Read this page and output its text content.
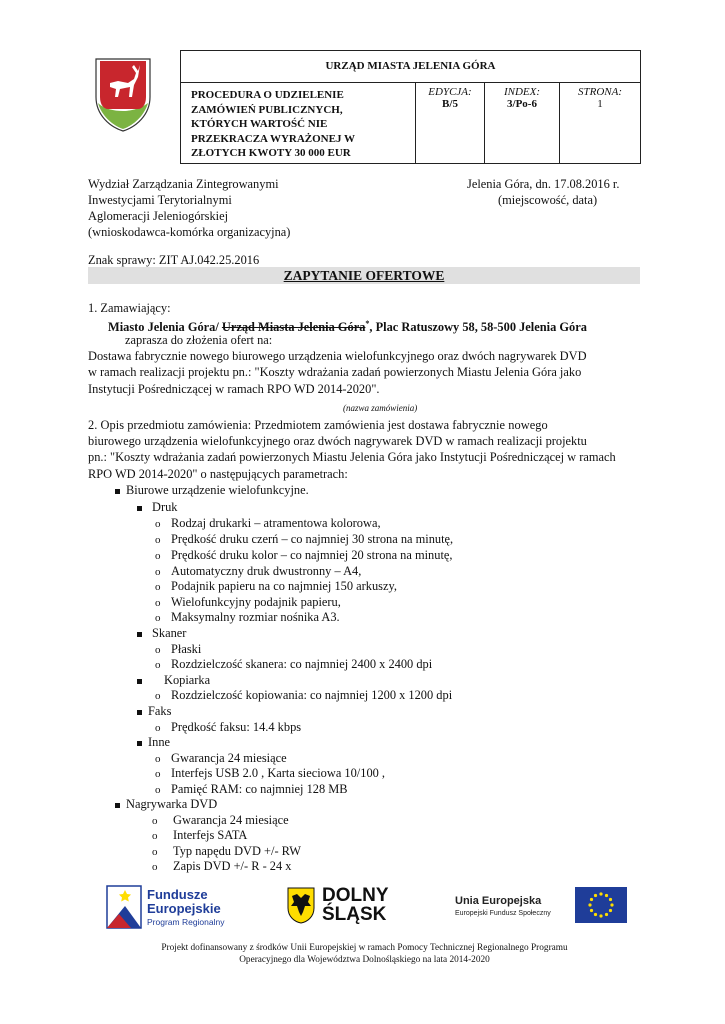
URZĄD MIASTA JELENIA GÓRA

PROCEDURA O UDZIELENIE
ZAMÓWIEŃ PUBLICZNYCH,
KTÓRYCH WARTOŚĆ NIE
PRZEKRACZA WYRAŻONEJ W
ZŁOTYCH KWOTY 30 000 EUR

EDYCJA:
B/5

INDEX:
3/Po-6

STRONA:
1
Wydział Zarządzania Zintegrowanymi
Inwestycjami Terytorialnymi
Aglomeracji Jeleniogórskiej
(wnioskodawca-komórka organizacyjna)
Jelenia Góra, dn. 17.08.2016 r.
(miejscowość, data)
Znak sprawy: ZIT AJ.042.25.2016
ZAPYTANIE OFERTOWE
1. Zamawiający:
Miasto Jelenia Góra/ Urząd Miasta Jelenia Góra*, Plac Ratuszowy 58, 58-500 Jelenia Góra
zaprasza do złożenia ofert na:
Dostawa fabrycznie nowego biurowego urządzenia wielofunkcyjnego oraz dwóch nagrywarek DVD
w ramach realizacji projektu pn.: "Koszty wdrażania zadań powierzonych Miastu Jelenia Góra jako
Instytucji Pośredniczącej w ramach RPO WD 2014-2020".
(nazwa zamówienia)
2. Opis przedmiotu zamówienia: Przedmiotem zamówienia jest dostawa fabrycznie nowego
biurowego urządzenia wielofunkcyjnego oraz dwóch nagrywarek DVD w ramach realizacji projektu
pn.: "Koszty wdrażania zadań powierzonych Miastu Jelenia Góra jako Instytucji Pośredniczącej w ramach
RPO WD 2014-2020" o następujących parametrach:
Biurowe urządzenie wielofunkcyjne.
Druk
o Rodzaj drukarki – atramentowa kolorowa,
o Prędkość druku czerń – co najmniej 30 strona na minutę,
o Prędkość druku kolor – co najmniej 20 strona na minutę,
o Automatyczny druk dwustronny – A4,
o Podajnik papieru na co najmniej 150 arkuszy,
o Wielofunkcyjny podajnik papieru,
o Maksymalny rozmiar nośnika A3.
Skaner
o Płaski
o Rozdzielczość skanera: co najmniej 2400 x 2400 dpi
Kopiarka
o Rozdzielczość kopiowania: co najmniej 1200 x 1200 dpi
Faks
o Prędkość faksu: 14.4 kbps
Inne
o Gwarancja 24 miesiące
o Interfejs USB 2.0 , Karta sieciowa 10/100 ,
o Pamięć RAM: co najmniej 128 MB
Nagrywarka DVD
o Gwarancja 24 miesiące
o Interfejs SATA
o Typ napędu DVD +/- RW
o Zapis DVD +/- R - 24 x
Fundusze
Europejskie
Program Regionalny
DOLNY
ŚLĄSK
Unia Europejska
Europejski Fundusz Społeczny
Projekt dofinansowany z środków Unii Europejskiej w ramach Pomocy Technicznej Regionalnego Programu
Operacyjnego dla Województwa Dolnośląskiego na lata 2014-2020
